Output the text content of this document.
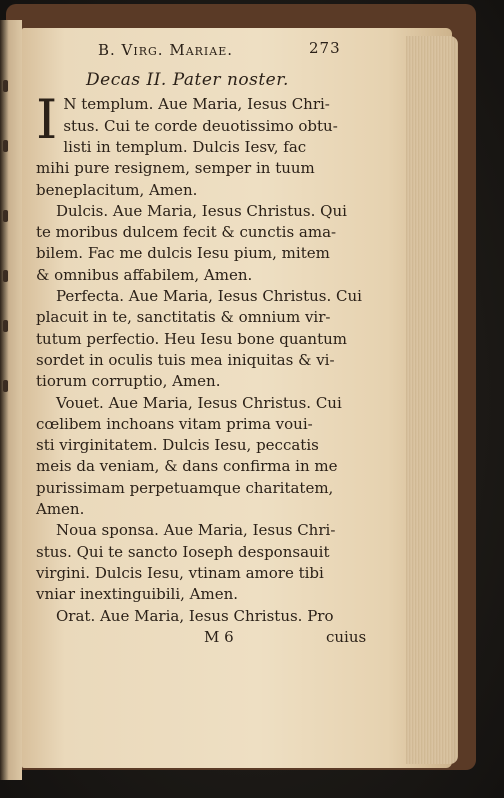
B. Virg. Mariae.	273
Decas II. Pater noster.
I N templum. Aue Maria, Iesus Chri-
stus. Cui te corde deuotissimo obtu-
listi in templum. Dulcis Iesv, fac
mihi pure resignem, semper in tuum
beneplacitum, Amen.
Dulcis. Aue Maria, Iesus Christus. Qui
te moribus dulcem fecit & cunctis ama-
bilem. Fac me dulcis Iesu pium, mitem
& omnibus affabilem, Amen.
Perfecta. Aue Maria, Iesus Christus. Cui
placuit in te, sanctitatis & omnium vir-
tutum perfectio. Heu Iesu bone quantum
sordet in oculis tuis mea iniquitas & vi-
tiorum corruptio, Amen.
Vouet. Aue Maria, Iesus Christus. Cui
cœlibem inchoans vitam prima voui-
sti virginitatem. Dulcis Iesu, peccatis
meis da veniam, & dans confirma in me
purissimam perpetuamque charitatem,
Amen.
Noua sponsa. Aue Maria, Iesus Chri-
stus. Qui te sancto Ioseph desponsauit
virgini. Dulcis Iesu, vtinam amore tibi
vniar inextinguibili, Amen.
Orat. Aue Maria, Iesus Christus. Pro
M 6	cuius
